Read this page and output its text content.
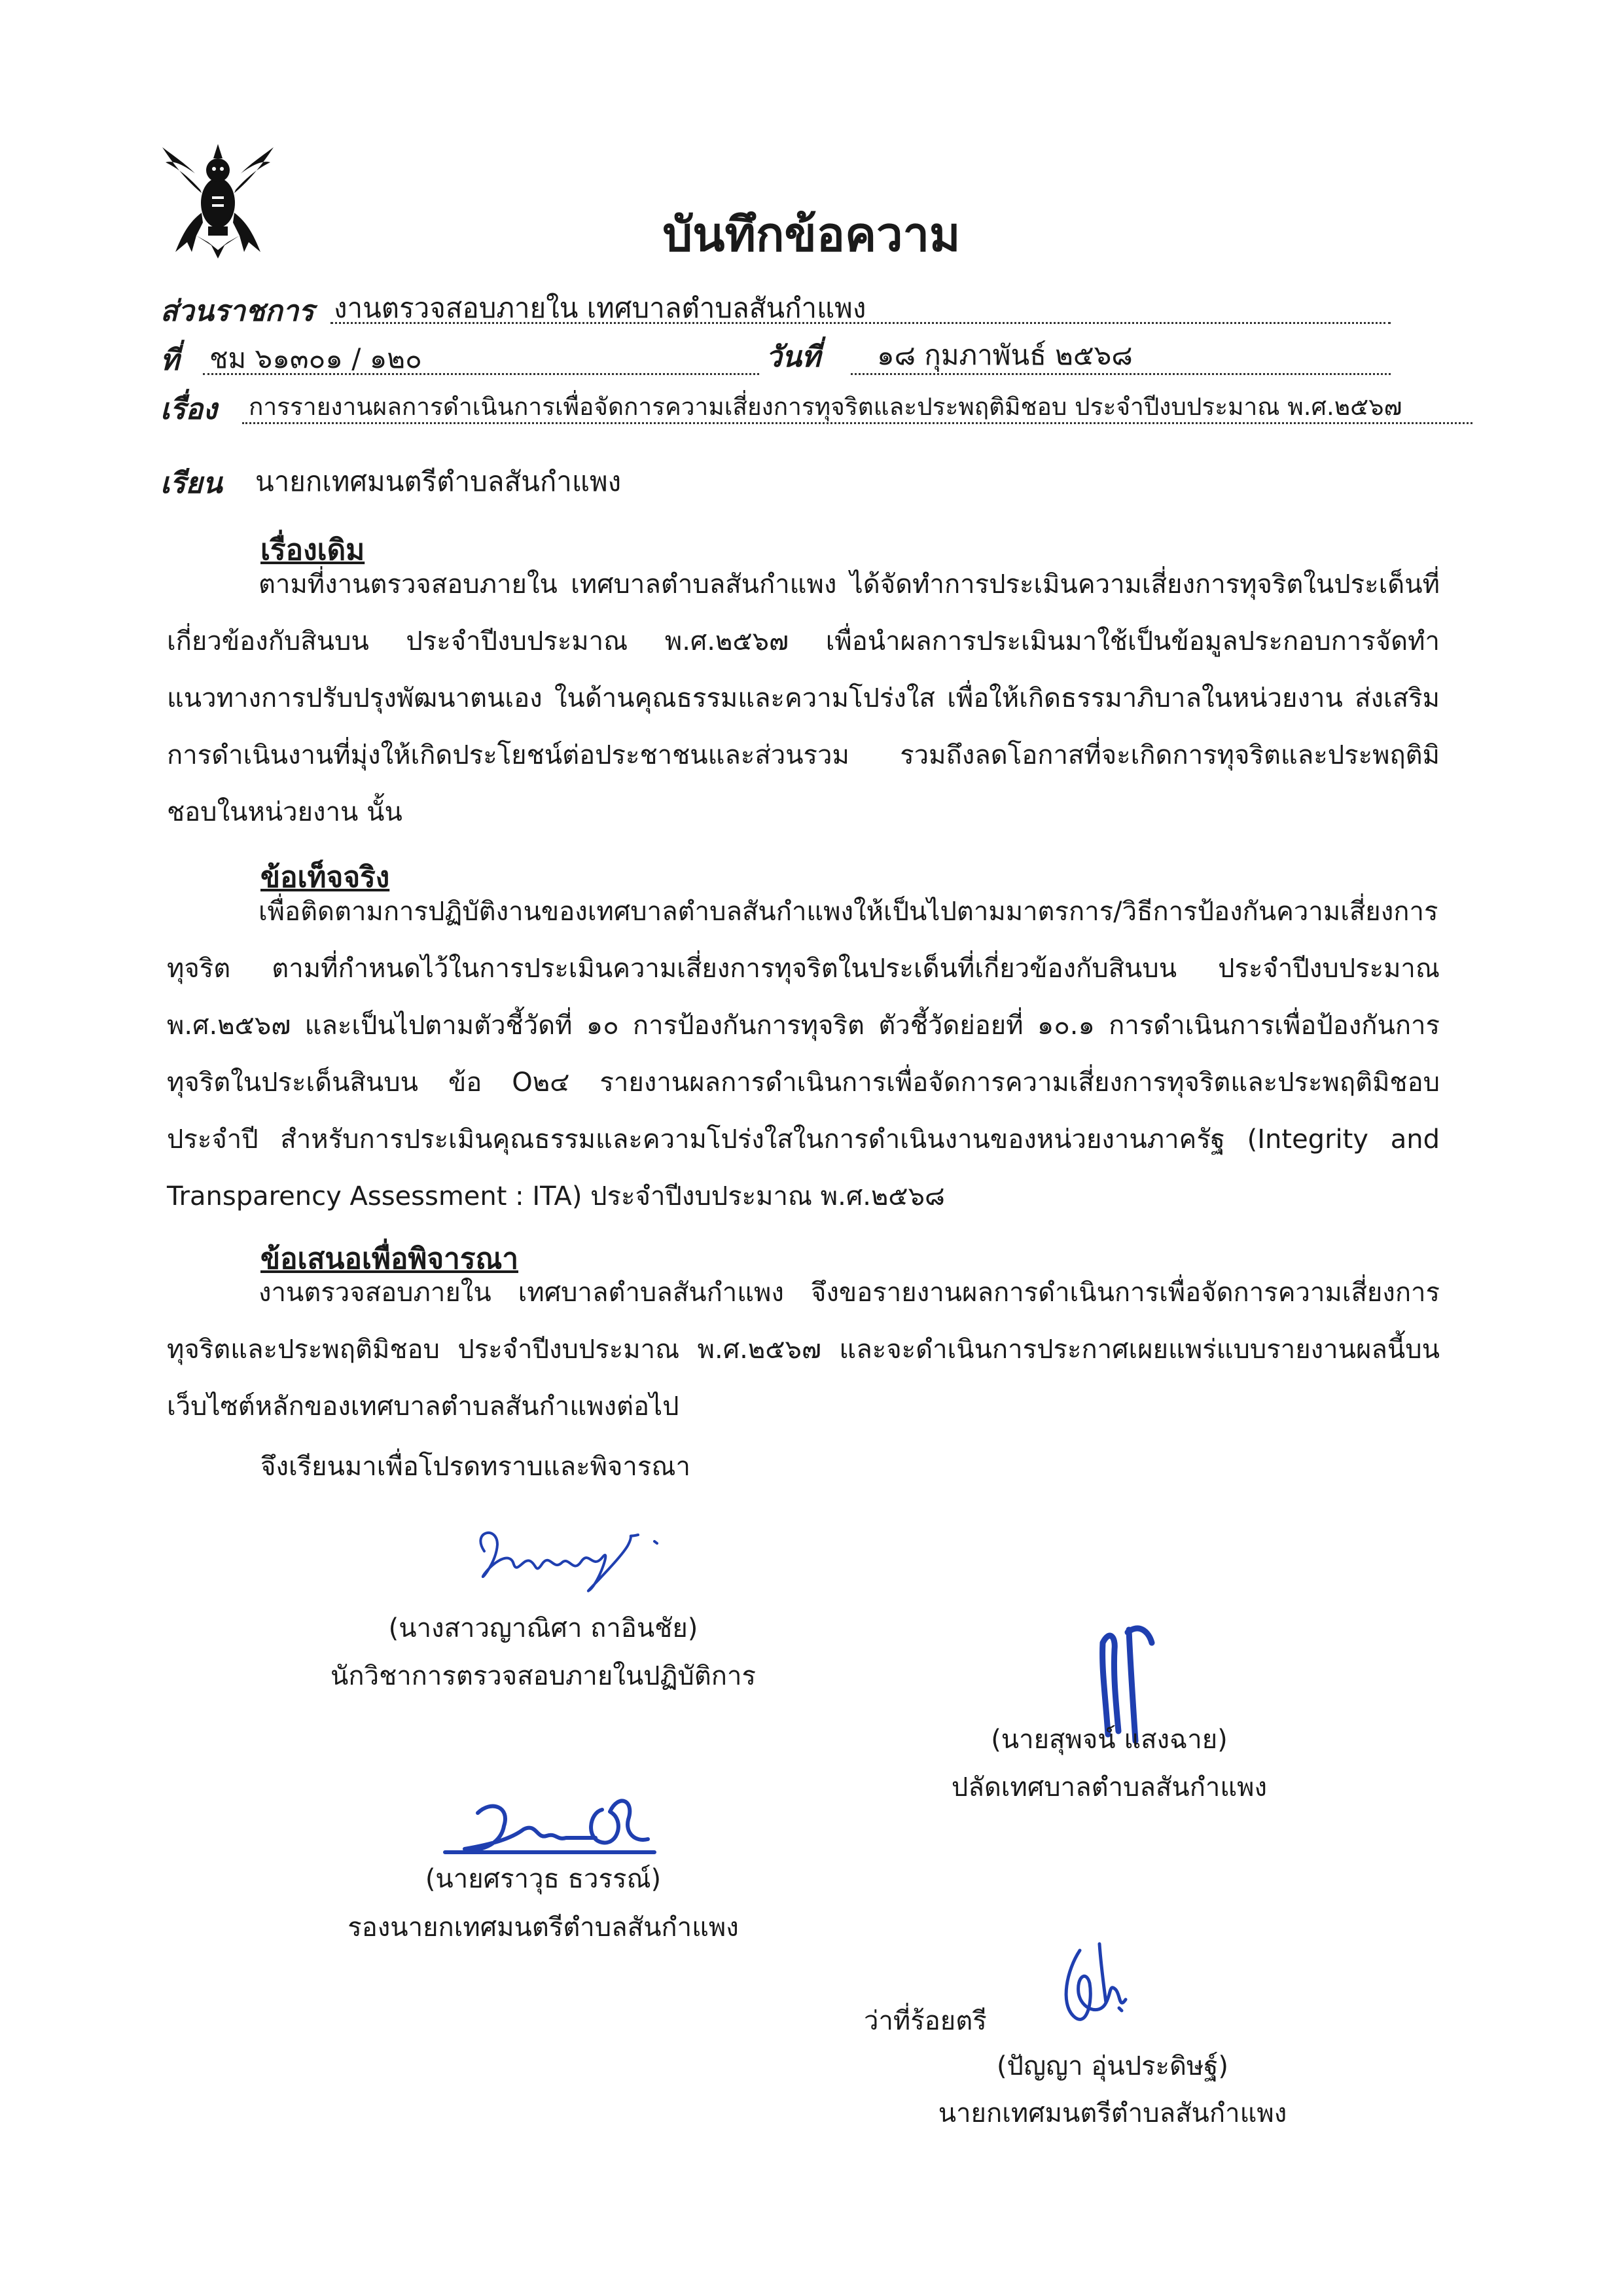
บันทึกข้อความ
ส่วนราชการ งานตรวจสอบภายใน เทศบาลตำบลสันกำแพง
ที่ ชม ๖๑๓๐๑ / ๑๒๐	วันที่ ๑๘ กุมภาพันธ์ ๒๕๖๘
เรื่อง การรายงานผลการดำเนินการเพื่อจัดการความเสี่ยงการทุจริตและประพฤติมิชอบ ประจำปีงบประมาณ พ.ศ.๒๕๖๗
เรียน นายกเทศมนตรีตำบลสันกำแพง
เรื่องเดิม

ตามที่งานตรวจสอบภายใน เทศบาลตำบลสันกำแพง ได้จัดทำการประเมินความเสี่ยงการทุจริตในประเด็นที่เกี่ยวข้องกับสินบน ประจำปีงบประมาณ พ.ศ.๒๕๖๗ เพื่อนำผลการประเมินมาใช้เป็นข้อมูลประกอบการจัดทำแนวทางการปรับปรุงพัฒนาตนเอง ในด้านคุณธรรมและความโปร่งใส เพื่อให้เกิดธรรมาภิบาลในหน่วยงาน ส่งเสริมการดำเนินงานที่มุ่งให้เกิดประโยชน์ต่อประชาชนและส่วนรวม รวมถึงลดโอกาสที่จะเกิดการทุจริตและประพฤติมิชอบในหน่วยงาน นั้น

ข้อเท็จจริง

เพื่อติดตามการปฏิบัติงานของเทศบาลตำบลสันกำแพงให้เป็นไปตามมาตรการ/วิธีการป้องกันความเสี่ยงการทุจริต ตามที่กำหนดไว้ในการประเมินความเสี่ยงการทุจริตในประเด็นที่เกี่ยวข้องกับสินบน ประจำปีงบประมาณ พ.ศ.๒๕๖๗ และเป็นไปตามตัวชี้วัดที่ ๑๐ การป้องกันการทุจริต ตัวชี้วัดย่อยที่ ๑๐.๑ การดำเนินการเพื่อป้องกันการทุจริตในประเด็นสินบน ข้อ O๒๔ รายงานผลการดำเนินการเพื่อจัดการความเสี่ยงการทุจริตและประพฤติมิชอบประจำปี สำหรับการประเมินคุณธรรมและความโปร่งใสในการดำเนินงานของหน่วยงานภาครัฐ (Integrity and Transparency Assessment : ITA) ประจำปีงบประมาณ พ.ศ.๒๕๖๘

ข้อเสนอเพื่อพิจารณา

งานตรวจสอบภายใน เทศบาลตำบลสันกำแพง จึงขอรายงานผลการดำเนินการเพื่อจัดการความเสี่ยงการทุจริตและประพฤติมิชอบ ประจำปีงบประมาณ พ.ศ.๒๕๖๗ และจะดำเนินการประกาศเผยแพร่แบบรายงานผลนี้บนเว็บไซต์หลักของเทศบาลตำบลสันกำแพงต่อไป

จึงเรียนมาเพื่อโปรดทราบและพิจารณา
(นางสาวญาณิศา ถาอินชัย)
นักวิชาการตรวจสอบภายในปฏิบัติการ
(นายสุพจน์ แสงฉาย)
ปลัดเทศบาลตำบลสันกำแพง
(นายศราวุธ ธวรรณ์)
รองนายกเทศมนตรีตำบลสันกำแพง
ว่าที่ร้อยตรี
(ปัญญา อุ่นประดิษฐ์)
นายกเทศมนตรีตำบลสันกำแพง
